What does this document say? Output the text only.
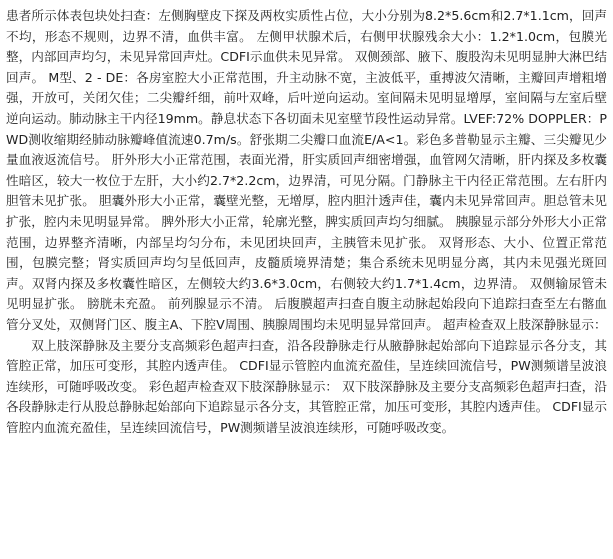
患者所示体表包块处扫查：左侧胸壁皮下探及两枚实质性占位，大小分别为8.2*5.6cm和2.7*1.1cm，回声不均，形态不规则，边界不清，血供丰富。 左侧甲状腺术后，右侧甲状腺残余大小：1.2*1.0cm，包膜光整，内部回声均匀，未见异常回声灶。CDFI示血供未见异常。 双侧颈部、腋下、腹股沟未见明显肿大淋巴结回声。 M型、2 - DE：各房室腔大小正常范围，升主动脉不宽，主波低平，重搏波欠清晰，主瓣回声增粗增强，开放可，关闭欠佳；二尖瓣纤细，前叶双峰，后叶逆向运动。室间隔未见明显增厚，室间隔与左室后壁逆向运动。肺动脉主干内径19mm。静息状态下各切面未见室壁节段性运动异常。LVEF:72% DOPPLER：PWD测收缩期经肺动脉瓣峰值流速0.7m/s。舒张期二尖瓣口血流E/A<1。彩色多普勒显示主瓣、三尖瓣见少量血液返流信号。 肝外形大小正常范围，表面光滑，肝实质回声细密增强，血管网欠清晰，肝内探及多枚囊性暗区，较大一枚位于左肝，大小约2.7*2.2cm，边界清，可见分隔。门静脉主干内径正常范围。左右肝内胆管未见扩张。 胆囊外形大小正常，囊壁光整，无增厚，腔内胆汁透声佳，囊内未见异常回声。胆总管未见扩张，腔内未见明显异常。 脾外形大小正常，轮廓光整，脾实质回声均匀细腻。 胰腺显示部分外形大小正常范围，边界整齐清晰，内部呈均匀分布，未见团块回声，主胰管未见扩张。 双肾形态、大小、位置正常范围，包膜完整；肾实质回声均匀呈低回声，皮髓质境界清楚；集合系统未见明显分离，其内未见强光斑回声。双肾内探及多枚囊性暗区，左侧较大约3.6*3.0cm，右侧较大约1.7*1.4cm，边界清。 双侧输尿管未见明显扩张。 膀胱未充盈。 前列腺显示不清。 后腹膜超声扫查自腹主动脉起始段向下追踪扫查至左右髂血管分叉处，双侧肾门区、腹主A、下腔V周围、胰腺周围均未见明显异常回声。 超声检查双上肢深静脉显示：

双上肢深静脉及主要分支高频彩色超声扫查，沿各段静脉走行从腋静脉起始部向下追踪显示各分支，其管腔正常，加压可变形，其腔内透声佳。 CDFI显示管腔内血流充盈佳，呈连续回流信号，PW测频谱呈波浪连续形，可随呼吸改变。 彩色超声检查双下肢深静脉显示： 双下肢深静脉及主要分支高频彩色超声扫查，沿各段静脉走行从股总静脉起始部向下追踪显示各分支，其管腔正常，加压可变形，其腔内透声佳。 CDFI显示管腔内血流充盈佳，呈连续回流信号，PW测频谱呈波浪连续形，可随呼吸改变。
